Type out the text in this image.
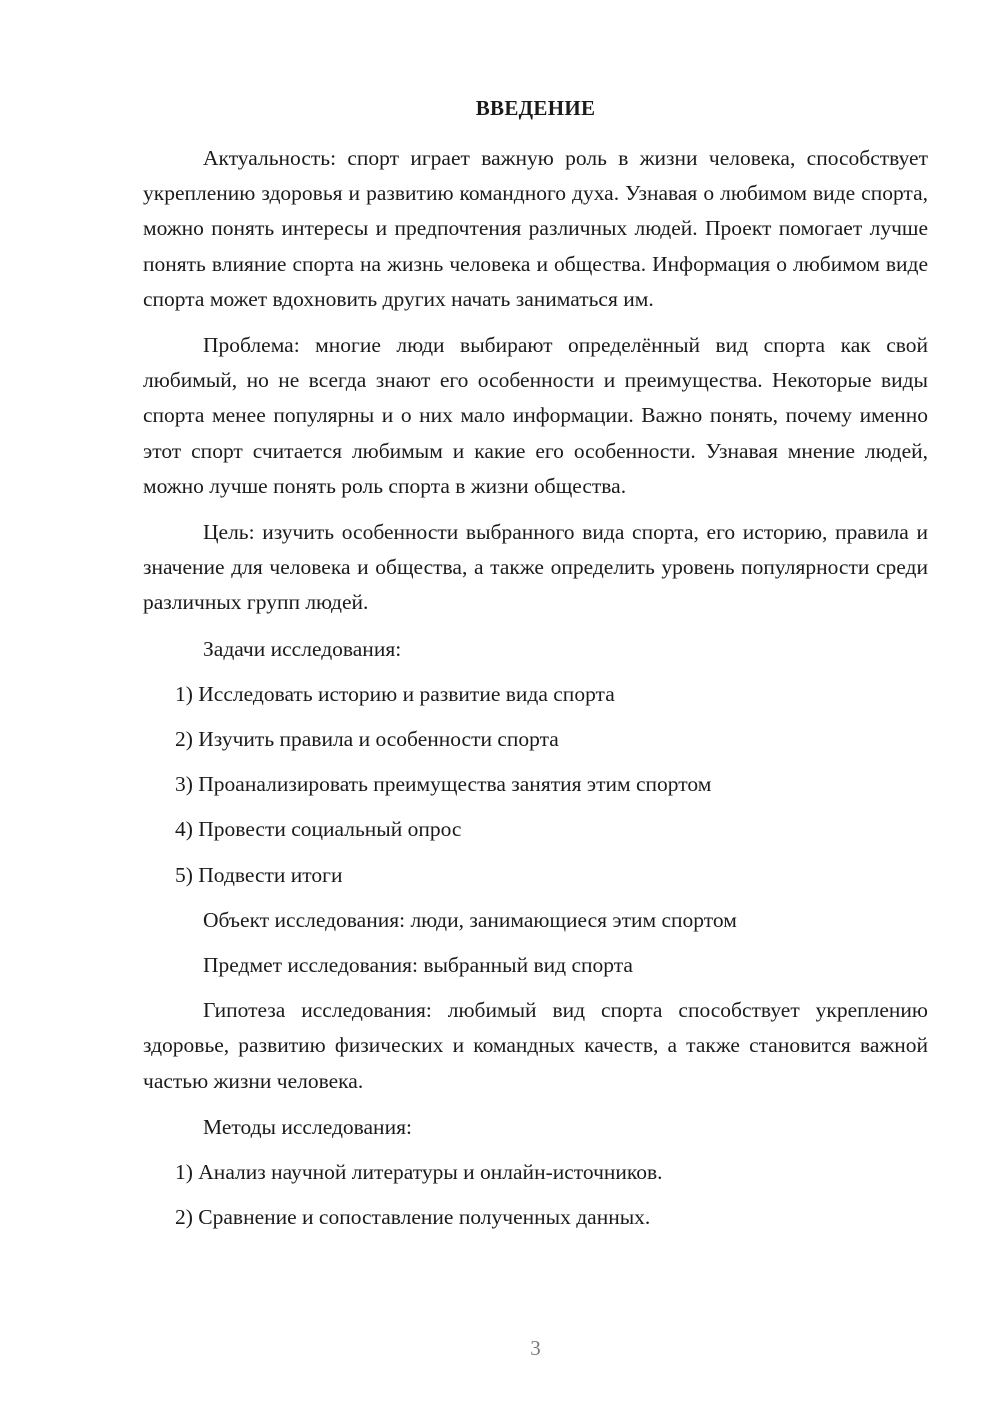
ВВЕДЕНИЕ

Актуальность: спорт играет важную роль в жизни человека, способствует укреплению здоровья и развитию командного духа. Узнавая о любимом виде спорта, можно понять интересы и предпочтения различных людей. Проект помогает лучше понять влияние спорта на жизнь человека и общества. Информация о любимом виде спорта может вдохновить других начать заниматься им.

Проблема: многие люди выбирают определённый вид спорта как свой любимый, но не всегда знают его особенности и преимущества. Некоторые виды спорта менее популярны и о них мало информации. Важно понять, почему именно этот спорт считается любимым и какие его особенности. Узнавая мнение людей, можно лучше понять роль спорта в жизни общества.

Цель: изучить особенности выбранного вида спорта, его историю, правила и значение для человека и общества, а также определить уровень популярности среди различных групп людей.

Задачи исследования:

1) Исследовать историю и развитие вида спорта
2) Изучить правила и особенности спорта
3) Проанализировать преимущества занятия этим спортом
4) Провести социальный опрос
5) Подвести итоги

Объект исследования: люди, занимающиеся этим спортом

Предмет исследования: выбранный вид спорта

Гипотеза исследования: любимый вид спорта способствует укреплению здоровье, развитию физических и командных качеств, а также становится важной частью жизни человека.

Методы исследования:

1) Анализ научной литературы и онлайн-источников.
2) Сравнение и сопоставление полученных данных.
3
